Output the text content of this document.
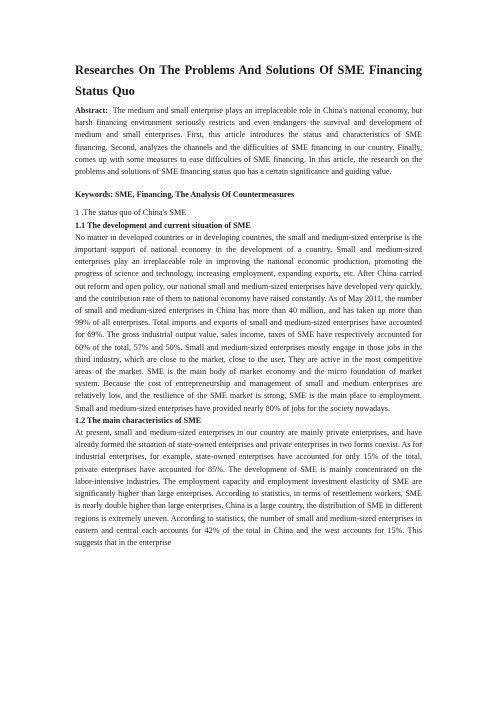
Researches On The Problems And Solutions Of SME Financing Status Quo

Abstract: The medium and small enterprise plays an irreplaceable role in China's national economy, but harsh financing environment seriously restricts and even endangers the survival and development of medium and small enterprises. First, this article introduces the status and characteristics of SME financing. Second, analyzes the channels and the difficulties of SME financing in our country. Finally, comes up with some measures to ease difficulties of SME financing. In this article, the research on the problems and solutions of SME financing status quo has a certain significance and guiding value.

Keywords: SME, Financing, The Analysis Of Countermeasures

1 .The status quo of China's SME
1.1 The development and current situation of SME

No matter in developed countries or in developing countries, the small and medium-sized enterprise is the important support of national economy in the development of a country. Small and medium-sized enterprises play an irreplaceable role in improving the national economic production, promoting the progress of science and technology, increasing employment, expanding exports, etc. After China carried out reform and open policy, our national small and medium-sized enterprises have developed very quickly, and the contribution rate of them to national economy have raised constantly. As of May 2011, the number of small and medium-sized enterprises in China has more than 40 million, and has taken up more than 99% of all enterprises. Total imports and exports of small and medium-sized enterprises have accounted for 69%. The gross industrial output value, sales income, taxes of SME have respectively accounted for 60% of the total, 57% and 50%. Small and medium-sized enterprises mostly engage in those jobs in the third industry, which are close to the market, close to the user. They are active in the most competitive areas of the market. SME is the main body of market economy and the micro foundation of market system. Because the cost of entrepreneurship and management of small and medium enterprises are relatively low, and the resilience of the SME market is strong, SME is the main place to employment. Small and medium-sized enterprises have provided nearly 80% of jobs for the society nowadays.

1.2 The main characteristics of SME

At present, small and medium-sized enterprises in our country are mainly private enterprises, and have already formed the situation of state-owned enterprises and private enterprises in two forms coexist. As for industrial enterprises, for example, state-owned enterprises have accounted for only 15% of the total, private enterprises have accounted for 85%. The development of SME is mainly concentrated on the labor-intensive industries. The employment capacity and employment investment elasticity of SME are significantly higher than large enterprises. According to statistics, in terms of resettlement workers, SME is nearly double higher than large enterprises. China is a large country, the distribution of SME in different regions is extremely uneven. According to statistics, the number of small and medium-sized enterprises in eastern and central each accounts for 42% of the total in China and the west accounts for 15%. This suggests that in the enterprise
